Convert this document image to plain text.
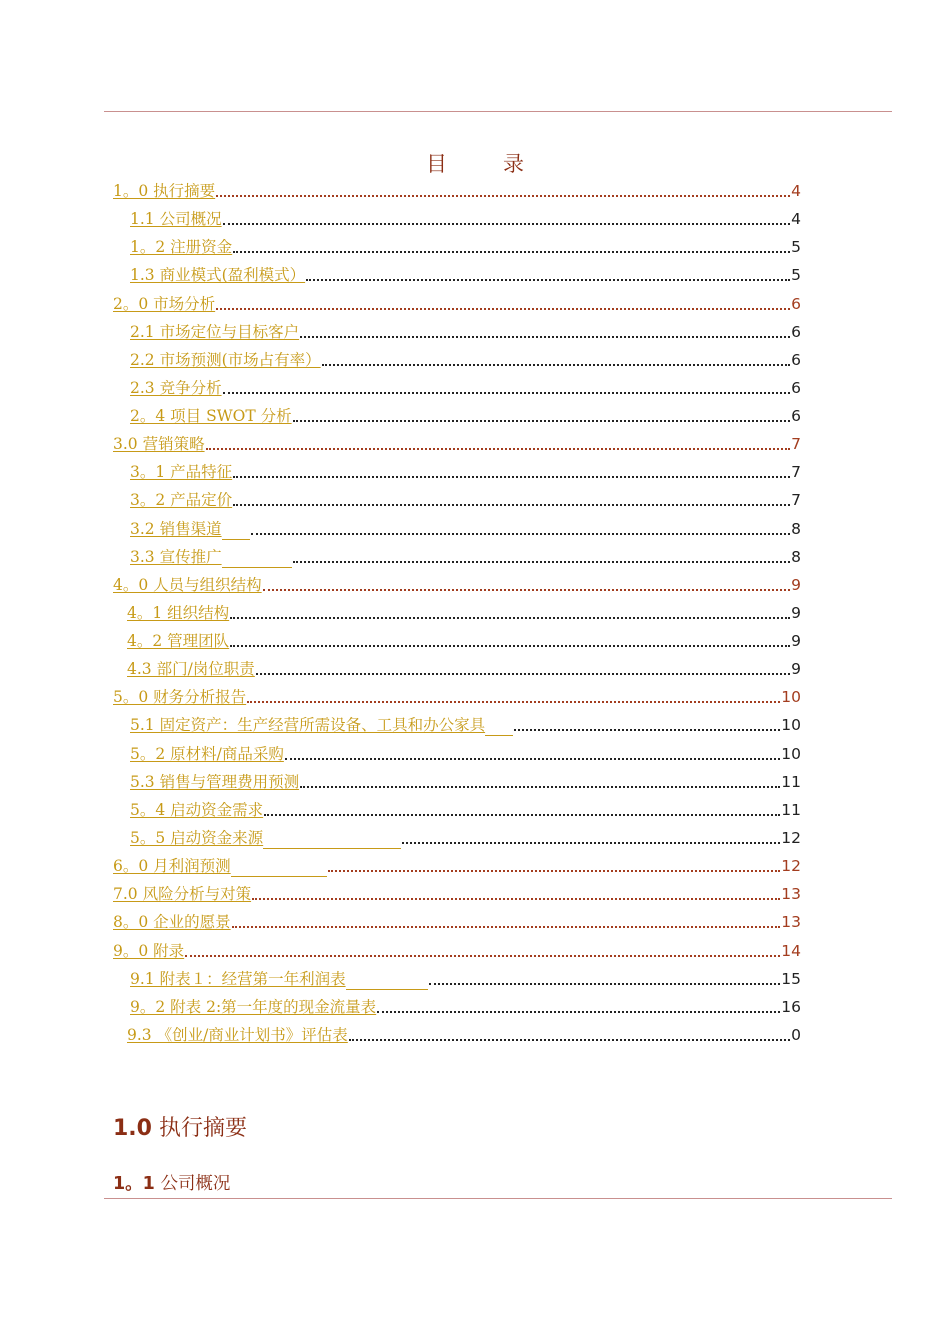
目	录
1。0 执行摘要	4
1.1 公司概况	4
1。2 注册资金	5
1.3 商业模式(盈利模式）	5
2。0 市场分析	6
2.1 市场定位与目标客户	6
2.2 市场预测(市场占有率）	6
2.3 竞争分析	6
2。4 项目 SWOT 分析	6
3.0 营销策略	7
3。1 产品特征	7
3。2 产品定价	7
3.2 销售渠道	8
3.3 宣传推广	8
4。0 人员与组织结构	9
4。1 组织结构	9
4。2 管理团队	9
4.3 部门/岗位职责	9
5。0 财务分析报告	10
5.1 固定资产：生产经营所需设备、工具和办公家具	10
5。2 原材料/商品采购	10
5.3 销售与管理费用预测	11
5。4 启动资金需求	11
5。5 启动资金来源	12
6。0 月利润预测	12
7.0 风险分析与对策	13
8。0 企业的愿景	13
9。0 附录	14
9.1 附表１：经营第一年利润表	15
9。2 附表 2:第一年度的现金流量表	16
9.3 《创业/商业计划书》评估表	0
1.0 执行摘要
1。1 公司概况
